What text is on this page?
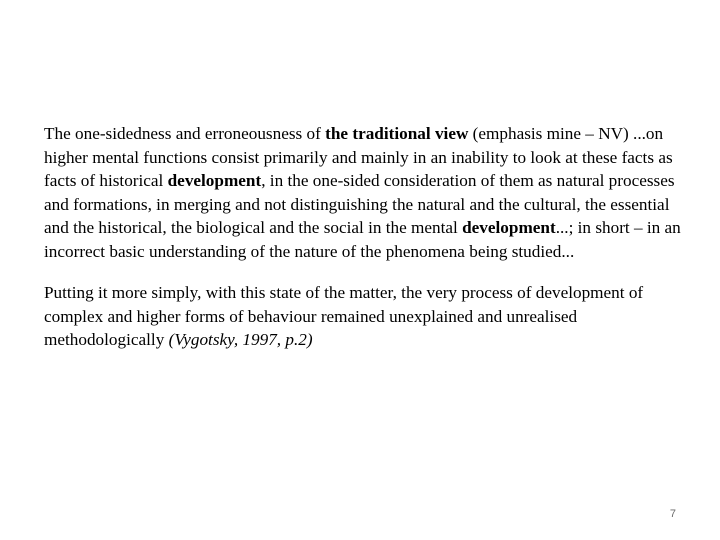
The one-sidedness and erroneousness of the traditional view (emphasis mine – NV) ...on higher mental functions consist primarily and mainly in an inability to look at these facts as facts of historical development, in the one-sided consideration of them as natural processes and formations, in merging and not distinguishing the natural and the cultural, the essential and the historical, the biological and the social in the mental development...; in short – in an incorrect basic understanding of the nature of the phenomena being studied...

Putting it more simply, with this state of the matter, the very process of development of complex and higher forms of behaviour remained unexplained and unrealised methodologically (Vygotsky, 1997, p.2)

7
